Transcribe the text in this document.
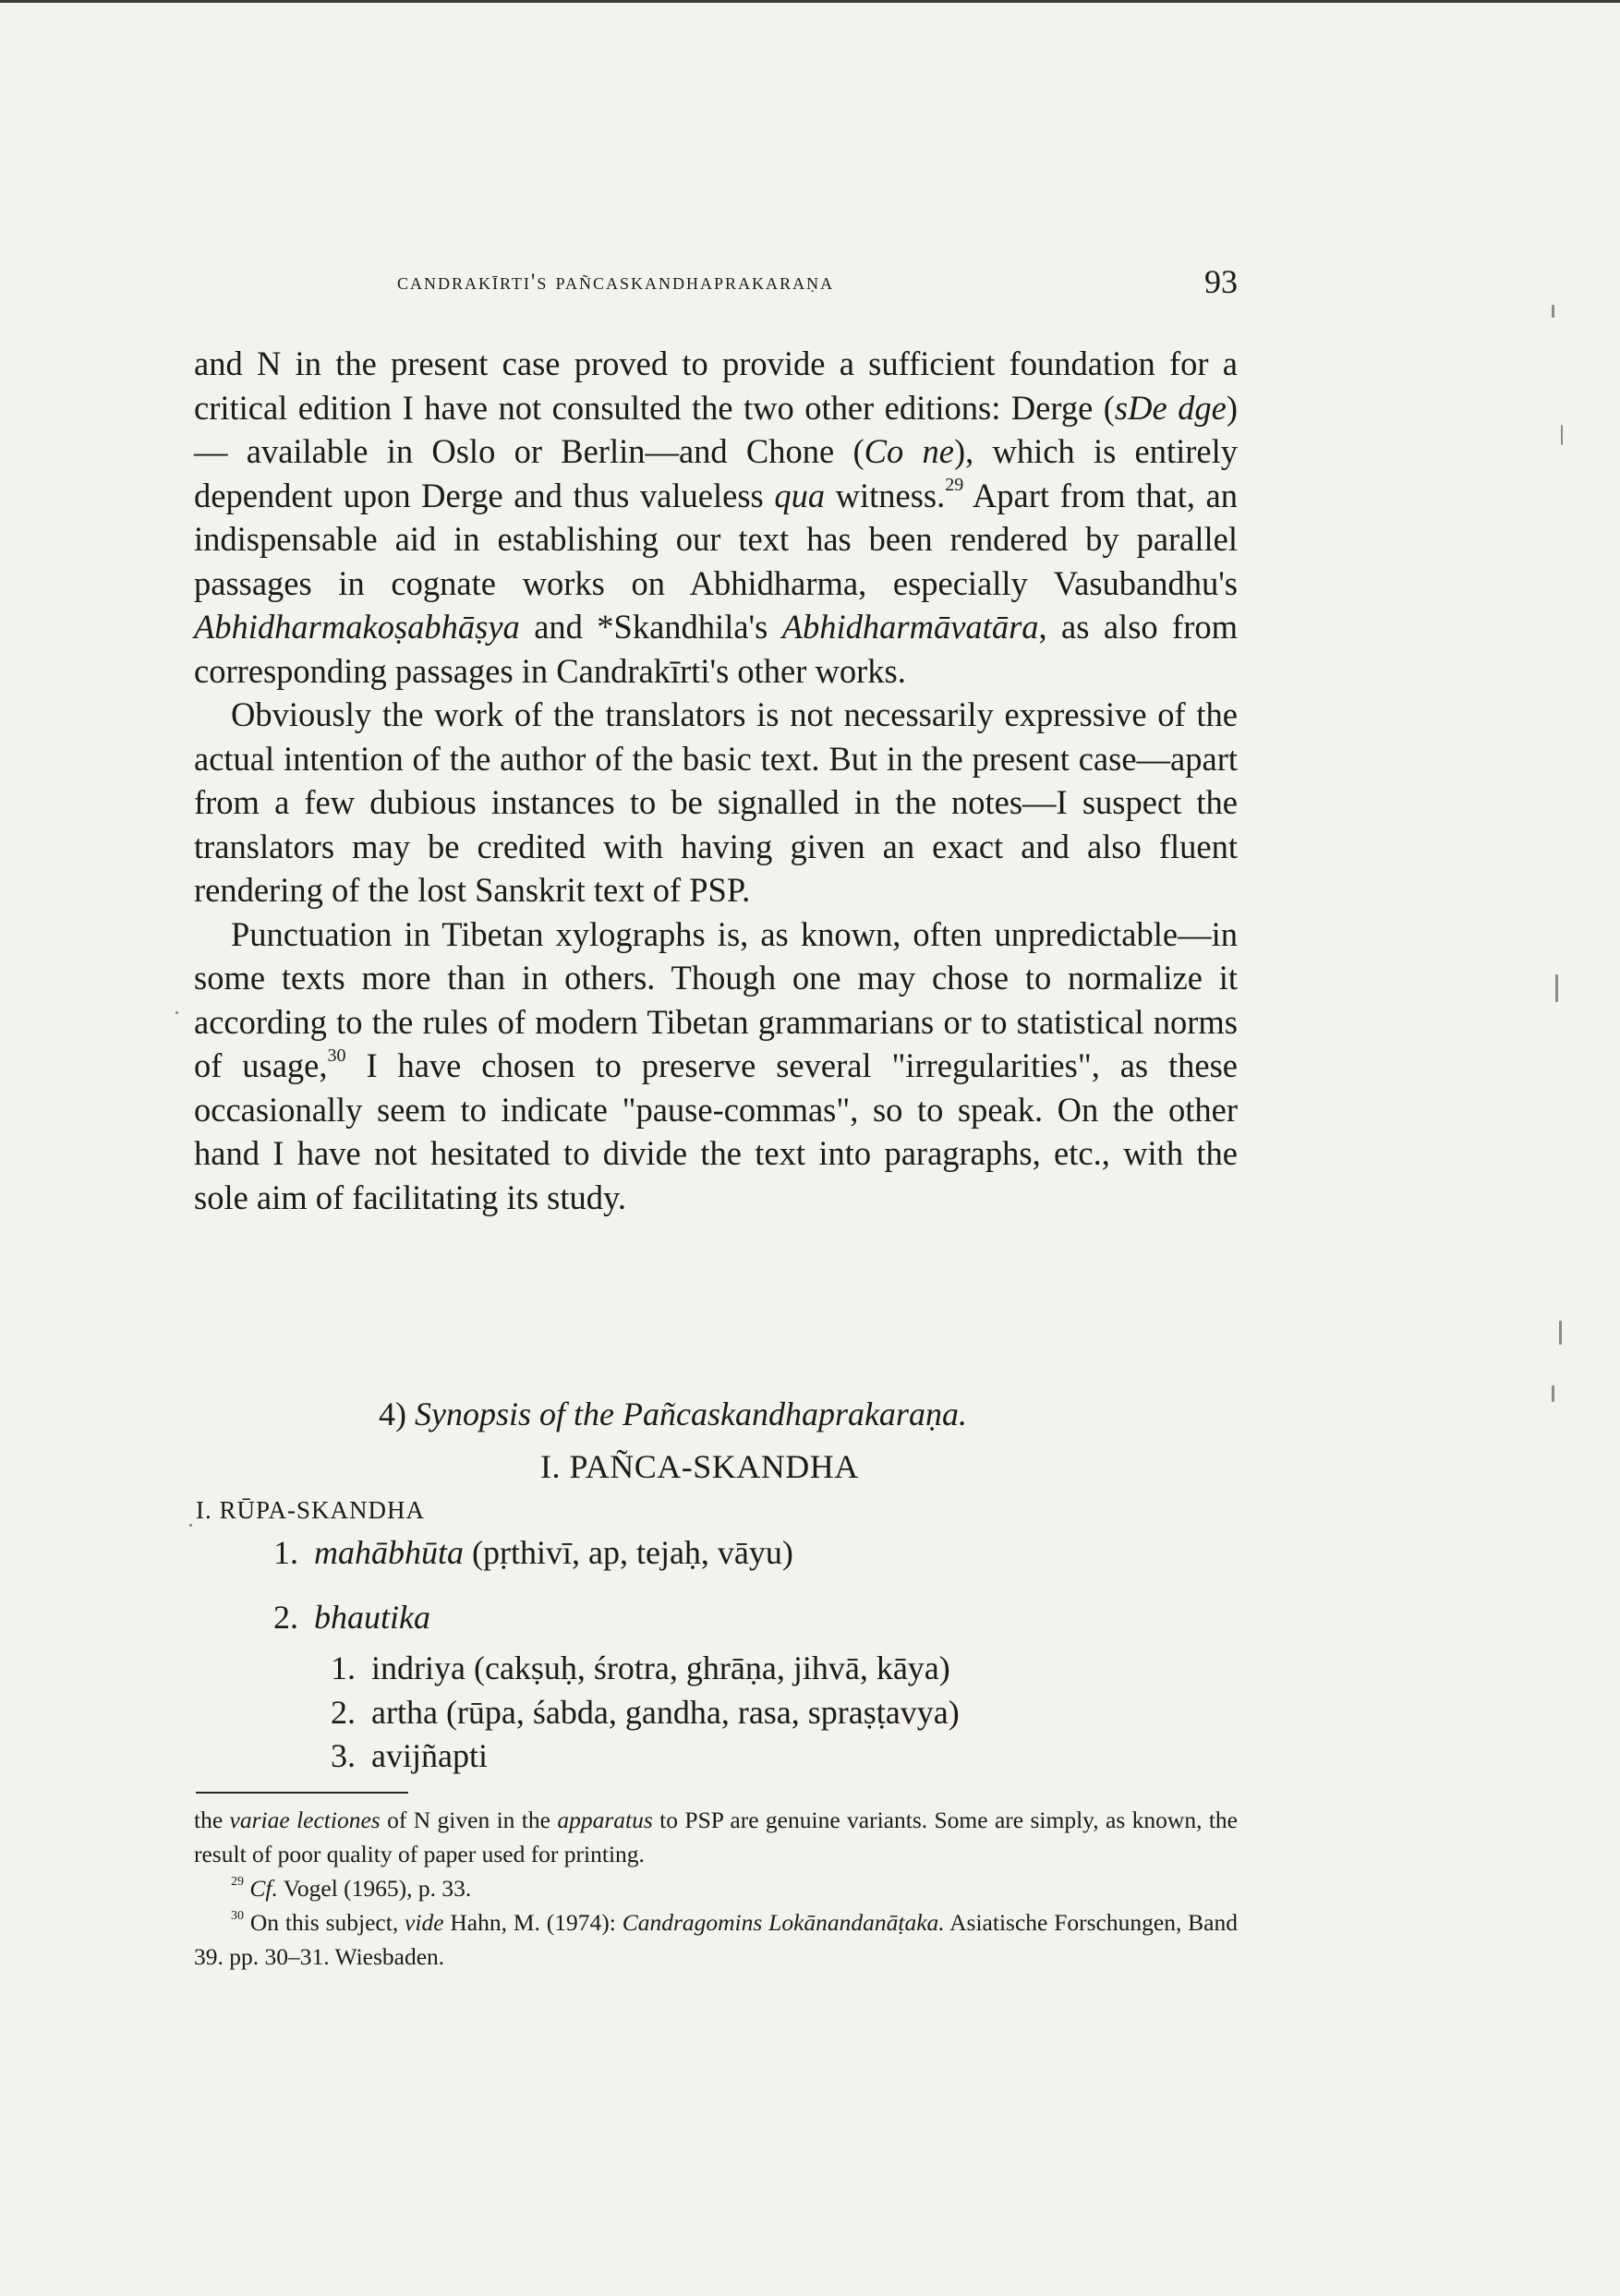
candrakīrti's pañcaskandhaprakaraṇa	93

and N in the present case proved to provide a sufficient foundation for a critical edition I have not consulted the two other editions: Derge (sDe dge)— available in Oslo or Berlin—and Chone (Co ne), which is entirely dependent upon Derge and thus valueless qua witness.$^{29}$ Apart from that, an indispensable aid in establishing our text has been rendered by parallel passages in cognate works on Abhidharma, especially Vasubandhu's Abhidharmakoṣabhāṣya and *Skandhila's Abhidharmāvatāra, as also from corresponding passages in Candrakīrti's other works.

Obviously the work of the translators is not necessarily expressive of the actual intention of the author of the basic text. But in the present case—apart from a few dubious instances to be signalled in the notes—I suspect the translators may be credited with having given an exact and also fluent rendering of the lost Sanskrit text of PSP.

Punctuation in Tibetan xylographs is, as known, often unpredictable—in some texts more than in others. Though one may chose to normalize it according to the rules of modern Tibetan grammarians or to statistical norms of usage,$^{30}$ I have chosen to preserve several "irregularities", as these occasionally seem to indicate "pause-commas", so to speak. On the other hand I have not hesitated to divide the text into paragraphs, etc., with the sole aim of facilitating its study.

4) Synopsis of the Pañcaskandhaprakaraṇa.
I. PAÑCA-SKANDHA
I. RŪPA-SKANDHA
1. mahābhūta (pṛthivī, ap, tejaḥ, vāyu)
2. bhautika
1. indriya (cakṣuḥ, śrotra, ghrāṇa, jihvā, kāya)
2. artha (rūpa, śabda, gandha, rasa, spraṣṭavya)
3. avijñapti

the variae lectiones of N given in the apparatus to PSP are genuine variants. Some are simply, as known, the result of poor quality of paper used for printing.

$^{29}$ Cf. Vogel (1965), p. 33.

$^{30}$ On this subject, vide Hahn, M. (1974): Candragomins Lokānandanāṭaka. Asiatische Forschungen, Band 39. pp. 30–31. Wiesbaden.
